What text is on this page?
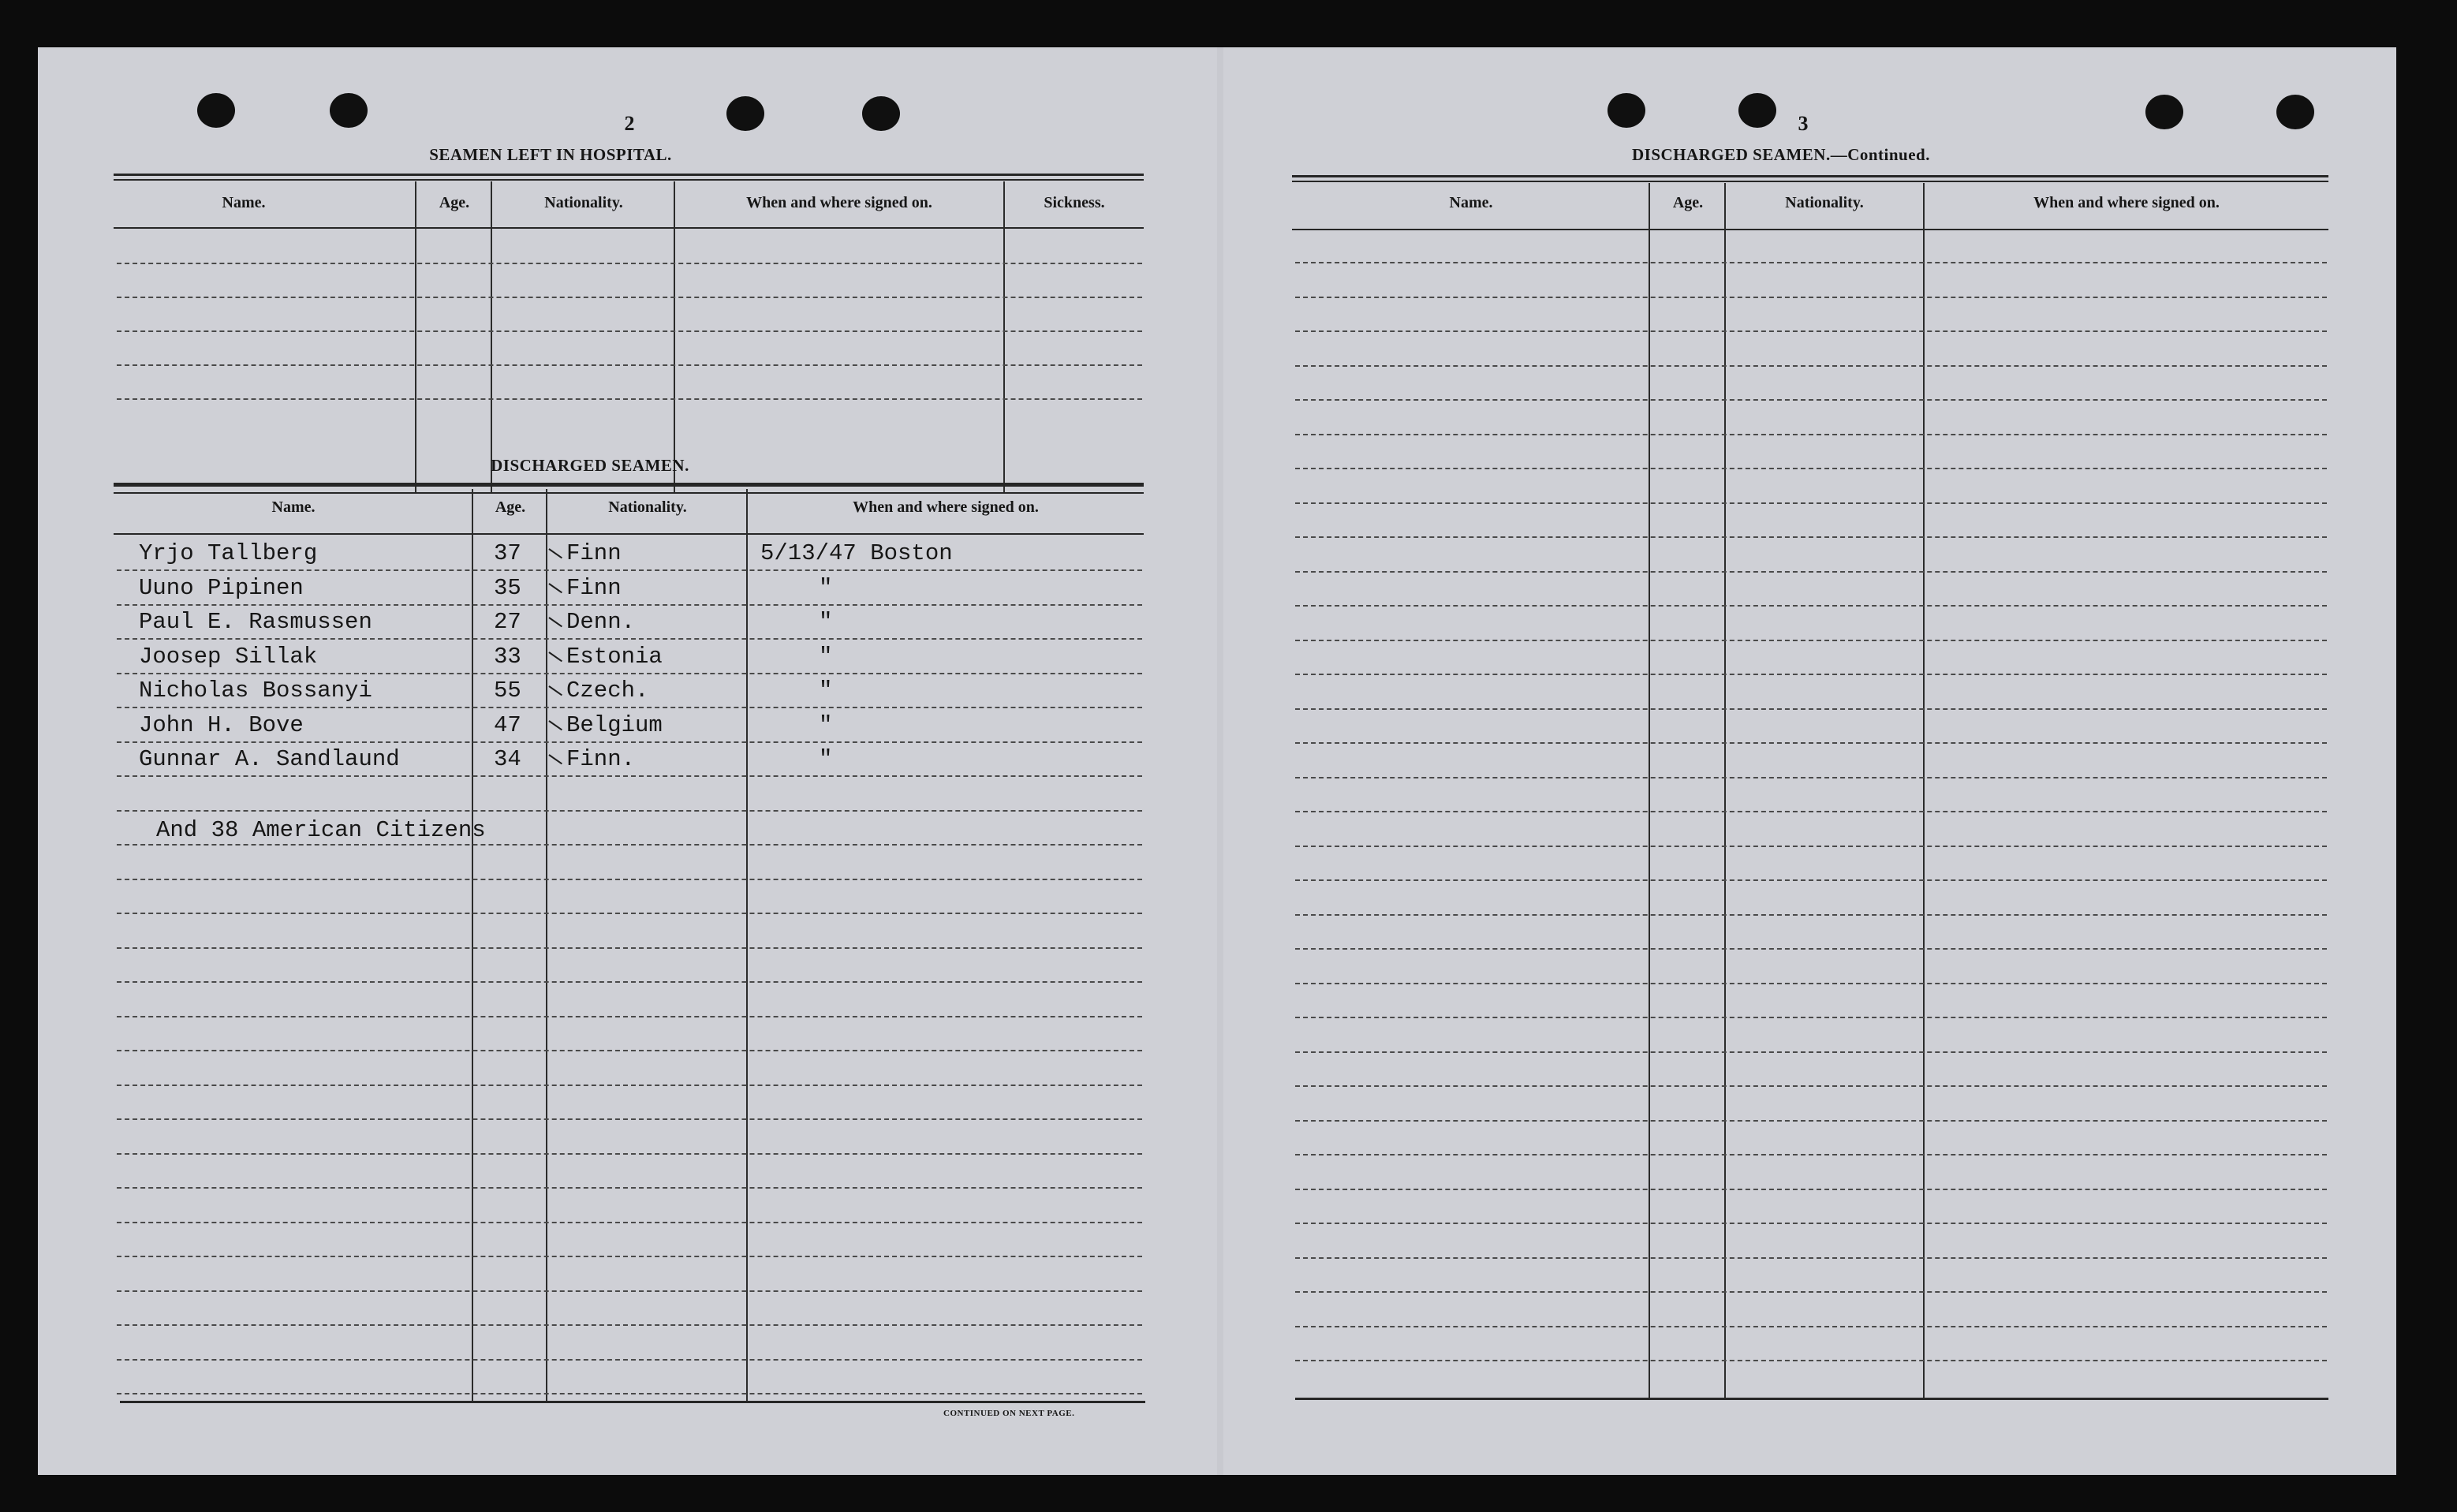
2
SEAMEN LEFT IN HOSPITAL.
Name.	Age.	Nationality.	When and where signed on.	Sickness.
DISCHARGED SEAMEN.
Name.	Age.	Nationality.	When and where signed on.
Yrjo Tallberg	37 Finn	5/13/47 Boston
Uuno Pipinen	35 Finn	"
Paul E. Rasmussen	27 Denn.	"
Joosep Sillak	33 Estonia	"
Nicholas Bossanyi	55 Czech.	"
John H. Bove	47 Belgium	"
Gunnar A. Sandlaund	34 Finn.	"
And 38 American Citizens
CONTINUED ON NEXT PAGE.
3
DISCHARGED SEAMEN.—Continued.
Name.	Age.	Nationality.	When and where signed on.
